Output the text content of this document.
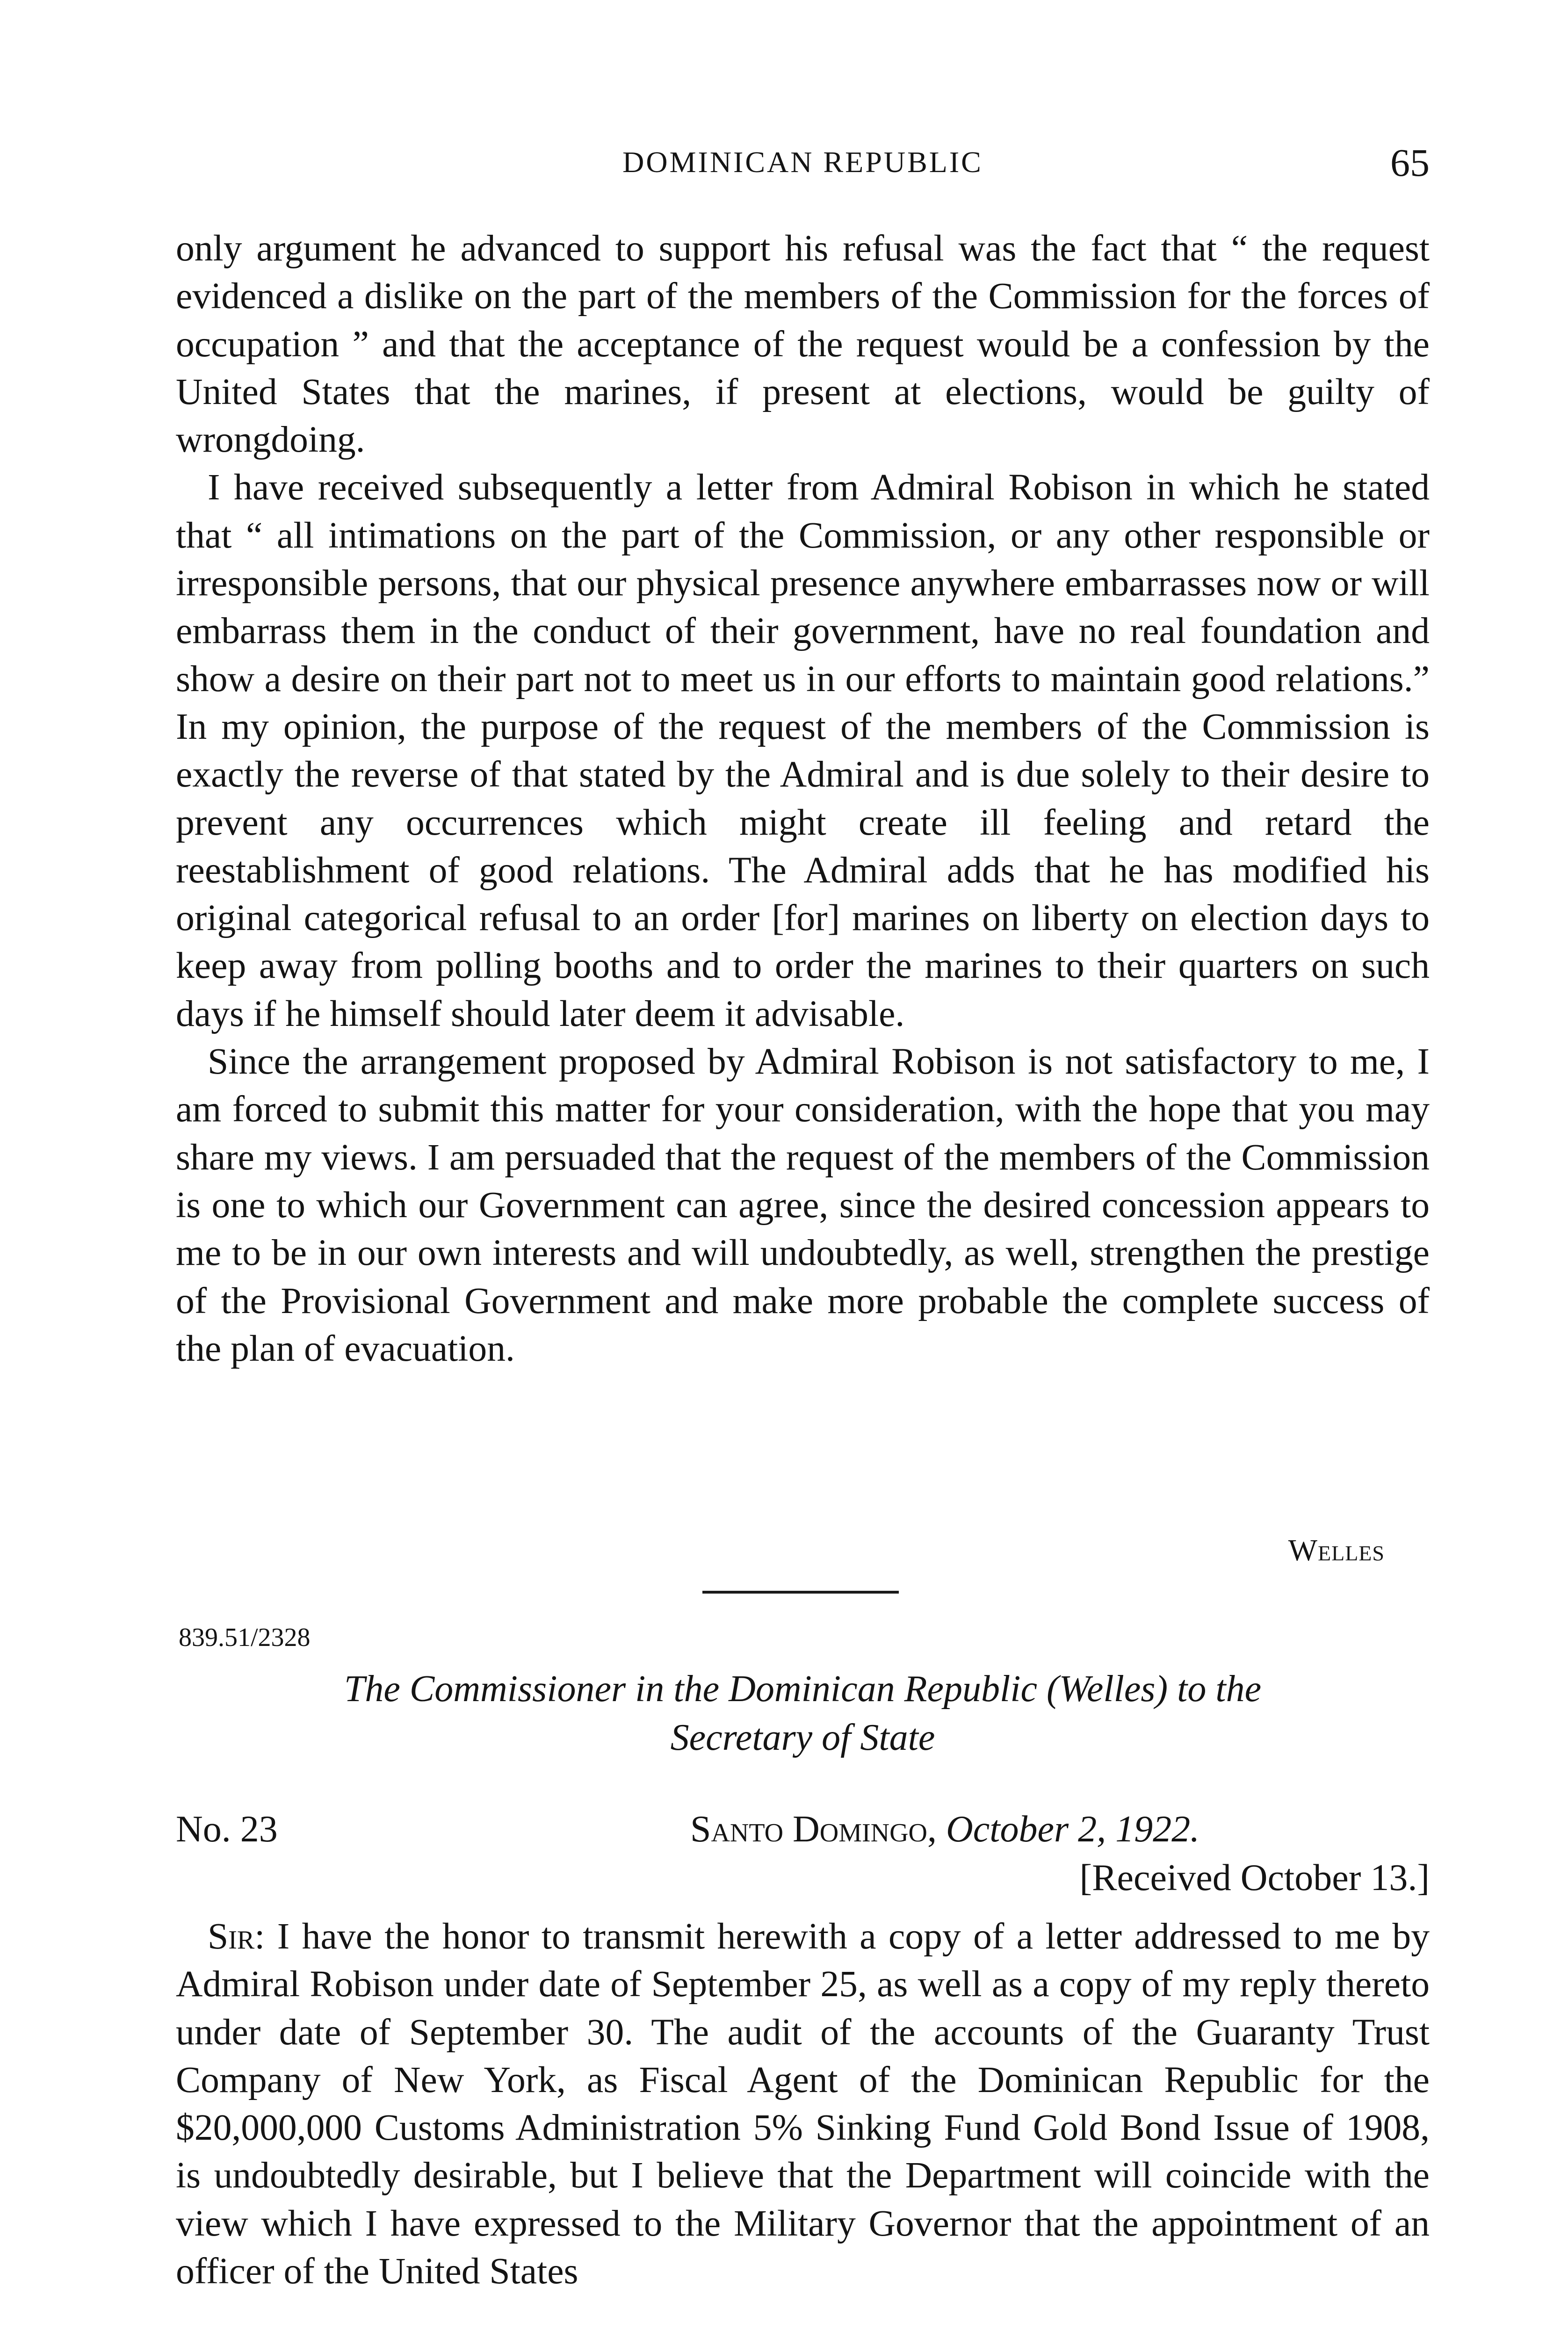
DOMINICAN REPUBLIC	65

only argument he advanced to support his refusal was the fact that “ the request evidenced a dislike on the part of the members of the Commission for the forces of occupation ” and that the acceptance of the request would be a confession by the United States that the marines, if present at elections, would be guilty of wrongdoing.

I have received subsequently a letter from Admiral Robison in which he stated that “ all intimations on the part of the Commission, or any other responsible or irresponsible persons, that our physical presence anywhere embarrasses now or will embarrass them in the conduct of their government, have no real foundation and show a desire on their part not to meet us in our efforts to maintain good relations.” In my opinion, the purpose of the request of the members of the Commission is exactly the reverse of that stated by the Admiral and is due solely to their desire to prevent any occurrences which might create ill feeling and retard the reestablishment of good relations. The Admiral adds that he has modified his original categorical refusal to an order [for] marines on liberty on election days to keep away from polling booths and to order the marines to their quarters on such days if he himself should later deem it advisable.

Since the arrangement proposed by Admiral Robison is not satisfactory to me, I am forced to submit this matter for your consideration, with the hope that you may share my views. I am persuaded that the request of the members of the Commission is one to which our Government can agree, since the desired concession appears to me to be in our own interests and will undoubtedly, as well, strengthen the prestige of the Provisional Government and make more probable the complete success of the plan of evacuation.

Welles
839.51/2328
The Commissioner in the Dominican Republic (Welles) to the
Secretary of State
No. 23	Santo Domingo, October 2, 1922.
[Received October 13.]

Sir: I have the honor to transmit herewith a copy of a letter addressed to me by Admiral Robison under date of September 25, as well as a copy of my reply thereto under date of September 30. The audit of the accounts of the Guaranty Trust Company of New York, as Fiscal Agent of the Dominican Republic for the $20,000,000 Customs Administration 5% Sinking Fund Gold Bond Issue of 1908, is undoubtedly desirable, but I believe that the Department will coincide with the view which I have expressed to the Military Governor that the appointment of an officer of the United States
